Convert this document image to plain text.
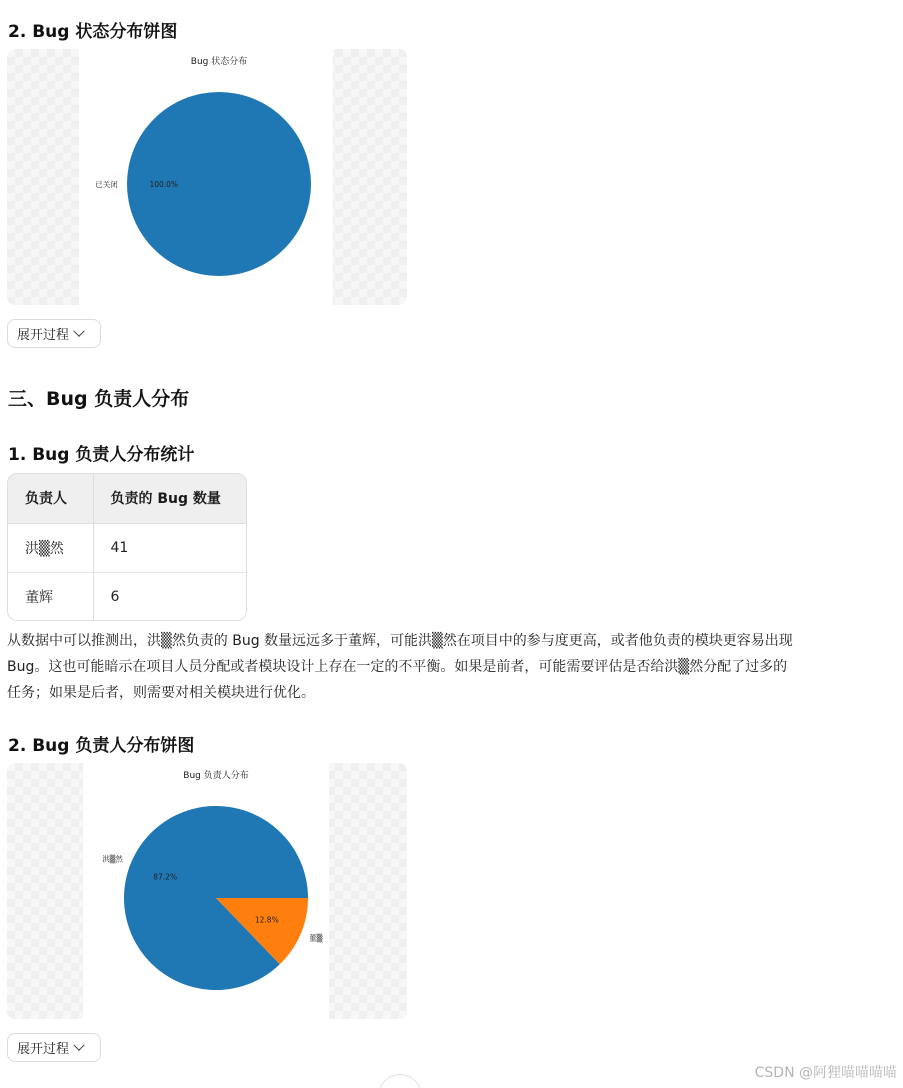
2. Bug 状态分布饼图
Bug 状态分布
100.0%
已关闭
展开过程
三、Bug 负责人分布
1. Bug 负责人分布统计
负责人	负责的 Bug 数量
洪▒然	41
董辉	6
从数据中可以推测出，洪▒然负责的 Bug 数量远远多于董辉，可能洪▒然在项目中的参与度更高，或者他负责的模块更容易出现 Bug。这也可能暗示在项目人员分配或者模块设计上存在一定的不平衡。如果是前者，可能需要评估是否给洪▒然分配了过多的任务；如果是后者，则需要对相关模块进行优化。
2. Bug 负责人分布饼图
Bug 负责人分布
87.2%
洪▒然
12.8%
董▒
展开过程
CSDN @阿狸喵喵喵喵
